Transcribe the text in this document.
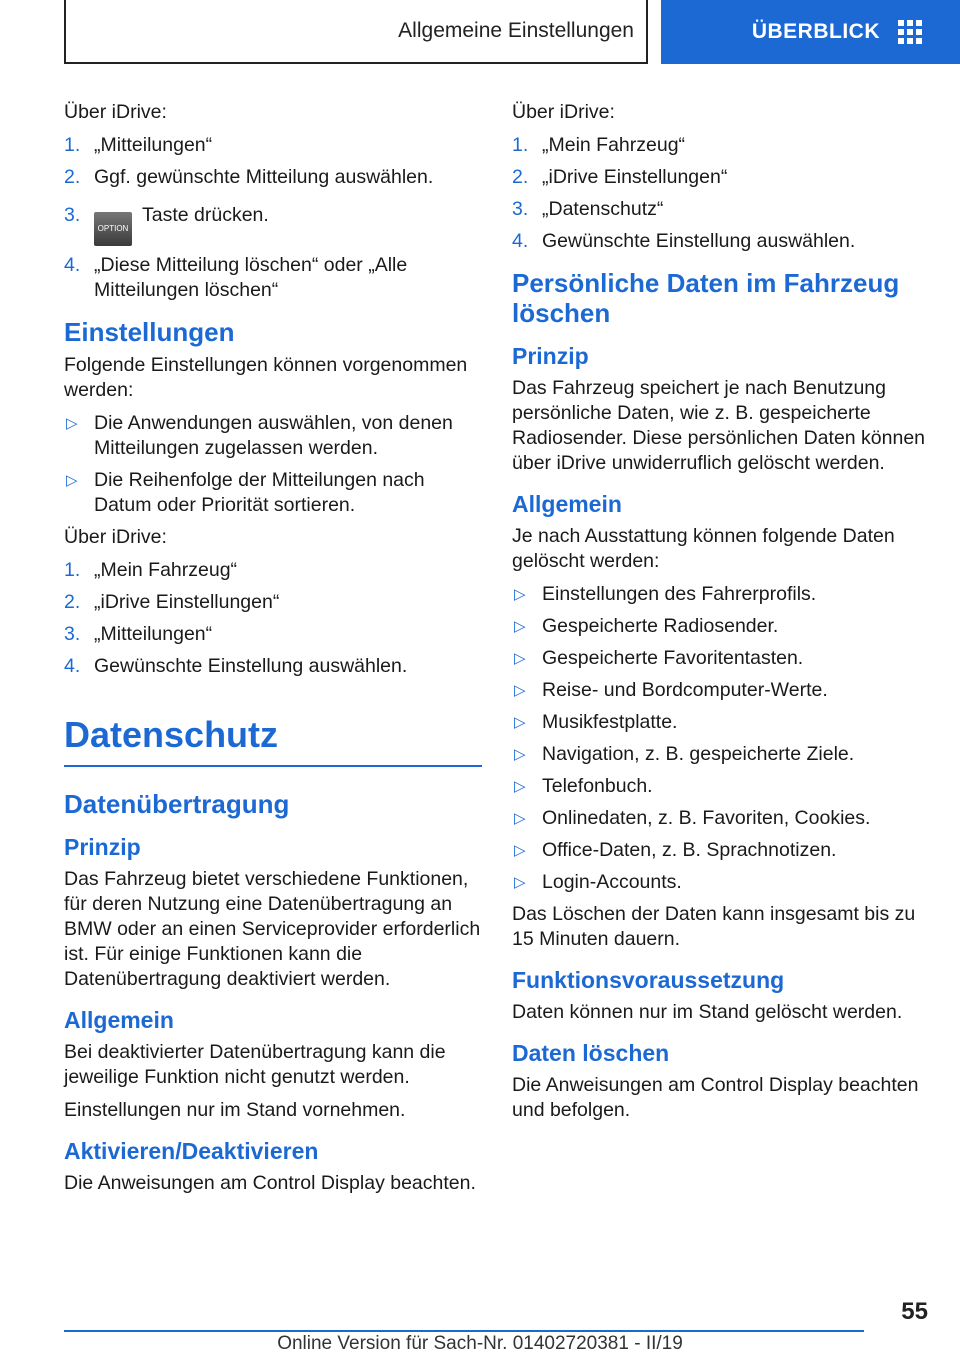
Allgemeine Einstellungen	ÜBERBLICK

Über iDrive:

1. „Mitteilungen“
2. Ggf. gewünschte Mitteilung auswählen.
3.
OPTIONTaste drücken.
4. „Diese Mitteilung löschen“ oder „Alle Mitteilungen löschen“
Einstellungen

Folgende Einstellungen können vorgenommen werden:

▷ Die Anwendungen auswählen, von denen Mitteilungen zugelassen werden.
▷ Die Reihenfolge der Mitteilungen nach Datum oder Priorität sortieren.

Über iDrive:

1. „Mein Fahrzeug“
2. „iDrive Einstellungen“
3. „Mitteilungen“
4. Gewünschte Einstellung auswählen.
Datenschutz
Datenübertragung
Prinzip

Das Fahrzeug bietet verschiedene Funktionen, für deren Nutzung eine Datenübertragung an BMW oder an einen Serviceprovider erforderlich ist. Für einige Funktionen kann die Datenübertragung deaktiviert werden.

Allgemein

Bei deaktivierter Datenübertragung kann die jeweilige Funktion nicht genutzt werden.

Einstellungen nur im Stand vornehmen.

Aktivieren/Deaktivieren

Die Anweisungen am Control Display beachten.

Über iDrive:

1. „Mein Fahrzeug“
2. „iDrive Einstellungen“
3. „Datenschutz“
4. Gewünschte Einstellung auswählen.
Persönliche Daten im Fahrzeug löschen
Prinzip

Das Fahrzeug speichert je nach Benutzung persönliche Daten, wie z. B. gespeicherte Radiosender. Diese persönlichen Daten können über iDrive unwiderruflich gelöscht werden.

Allgemein

Je nach Ausstattung können folgende Daten gelöscht werden:

▷ Einstellungen des Fahrerprofils.
▷ Gespeicherte Radiosender.
▷ Gespeicherte Favoritentasten.
▷ Reise- und Bordcomputer-Werte.
▷ Musikfestplatte.
▷ Navigation, z. B. gespeicherte Ziele.
▷ Telefonbuch.
▷ Onlinedaten, z. B. Favoriten, Cookies.
▷ Office-Daten, z. B. Sprachnotizen.
▷ Login-Accounts.

Das Löschen der Daten kann insgesamt bis zu 15 Minuten dauern.

Funktionsvoraussetzung

Daten können nur im Stand gelöscht werden.

Daten löschen

Die Anweisungen am Control Display beachten und befolgen.

55
Online Version für Sach-Nr. 01402720381 - II/19
